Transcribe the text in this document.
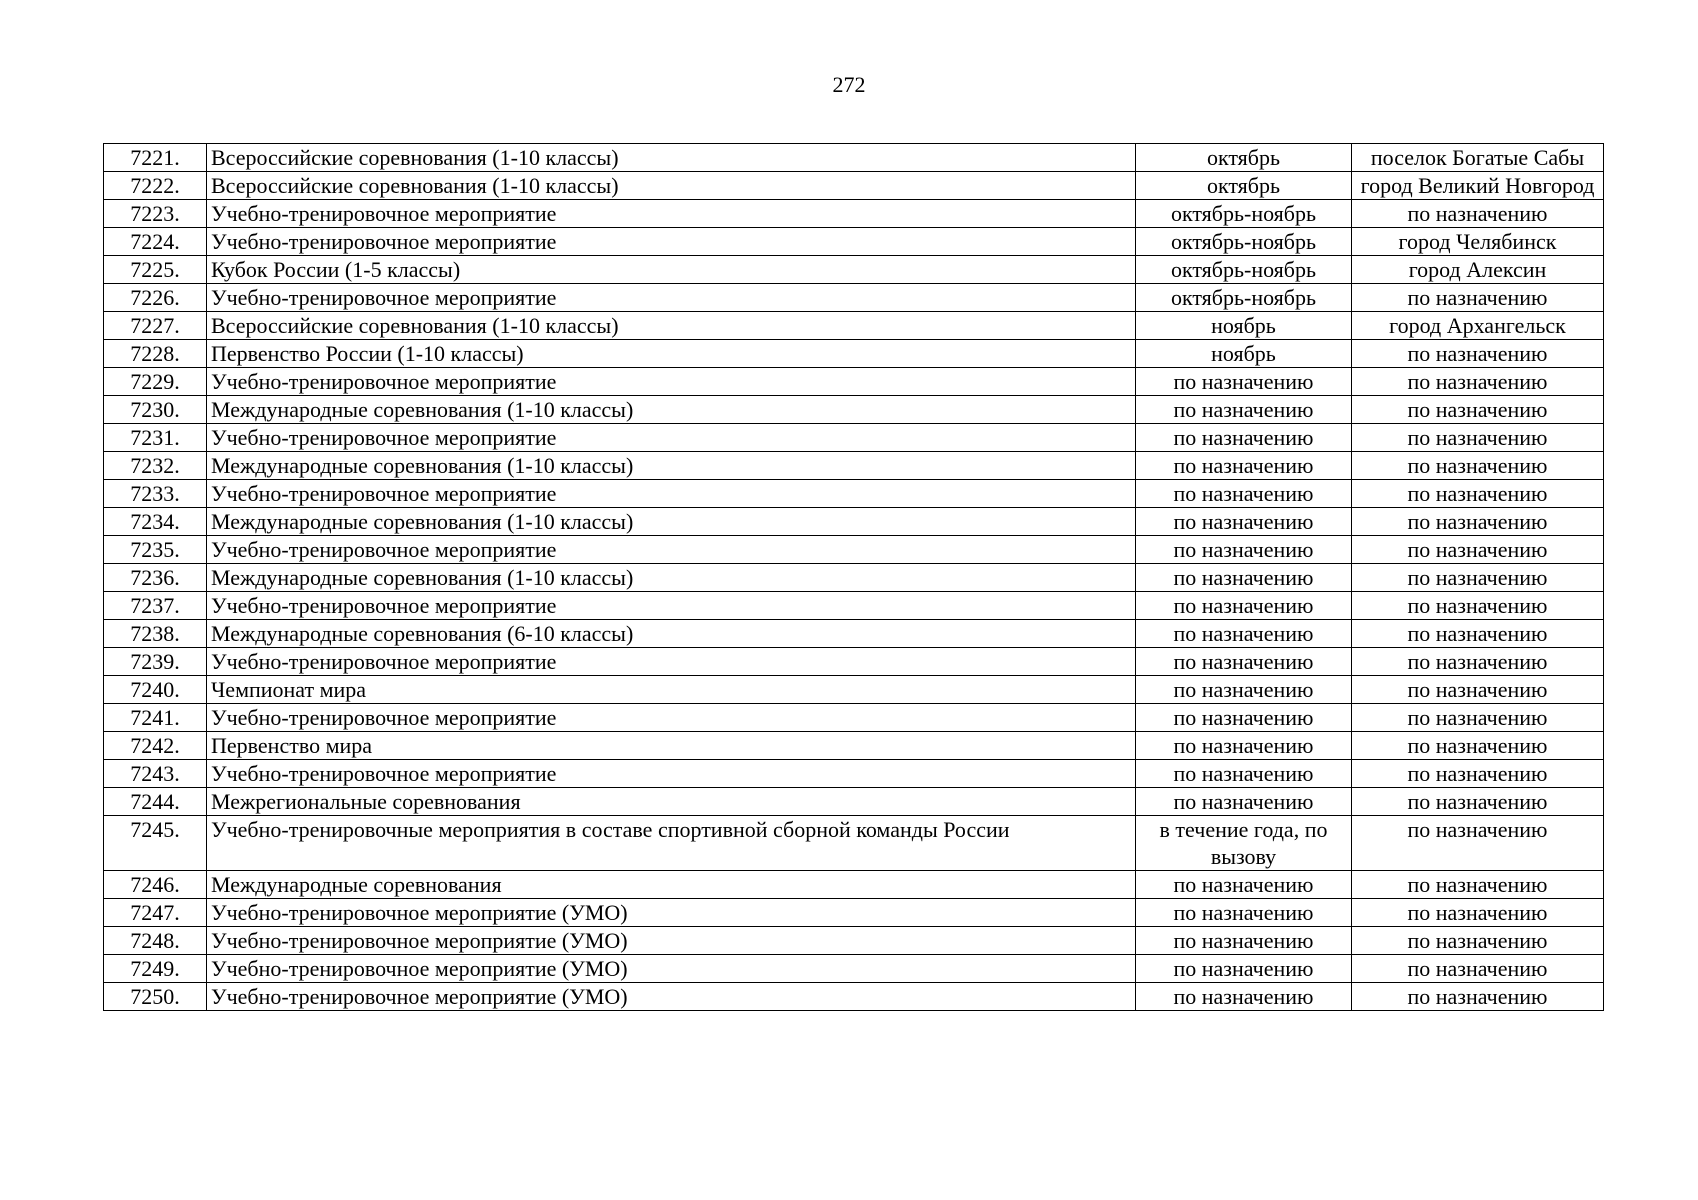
272
7221.	Всероссийские соревнования (1-10 классы)	октябрь	поселок Богатые Сабы
7222.	Всероссийские соревнования (1-10 классы)	октябрь	город Великий Новгород
7223.	Учебно-тренировочное мероприятие	октябрь-ноябрь	по назначению
7224.	Учебно-тренировочное мероприятие	октябрь-ноябрь	город Челябинск
7225.	Кубок России (1-5 классы)	октябрь-ноябрь	город Алексин
7226.	Учебно-тренировочное мероприятие	октябрь-ноябрь	по назначению
7227.	Всероссийские соревнования (1-10 классы)	ноябрь	город Архангельск
7228.	Первенство России (1-10 классы)	ноябрь	по назначению
7229.	Учебно-тренировочное мероприятие	по назначению	по назначению
7230.	Международные соревнования (1-10 классы)	по назначению	по назначению
7231.	Учебно-тренировочное мероприятие	по назначению	по назначению
7232.	Международные соревнования (1-10 классы)	по назначению	по назначению
7233.	Учебно-тренировочное мероприятие	по назначению	по назначению
7234.	Международные соревнования (1-10 классы)	по назначению	по назначению
7235.	Учебно-тренировочное мероприятие	по назначению	по назначению
7236.	Международные соревнования (1-10 классы)	по назначению	по назначению
7237.	Учебно-тренировочное мероприятие	по назначению	по назначению
7238.	Международные соревнования (6-10 классы)	по назначению	по назначению
7239.	Учебно-тренировочное мероприятие	по назначению	по назначению
7240.	Чемпионат мира	по назначению	по назначению
7241.	Учебно-тренировочное мероприятие	по назначению	по назначению
7242.	Первенство мира	по назначению	по назначению
7243.	Учебно-тренировочное мероприятие	по назначению	по назначению
7244.	Межрегиональные соревнования	по назначению	по назначению
7245.	Учебно-тренировочные мероприятия в составе спортивной сборной команды России	в течение года, по вызову	по назначению
7246.	Международные соревнования	по назначению	по назначению
7247.	Учебно-тренировочное мероприятие (УМО)	по назначению	по назначению
7248.	Учебно-тренировочное мероприятие (УМО)	по назначению	по назначению
7249.	Учебно-тренировочное мероприятие (УМО)	по назначению	по назначению
7250.	Учебно-тренировочное мероприятие (УМО)	по назначению	по назначению
